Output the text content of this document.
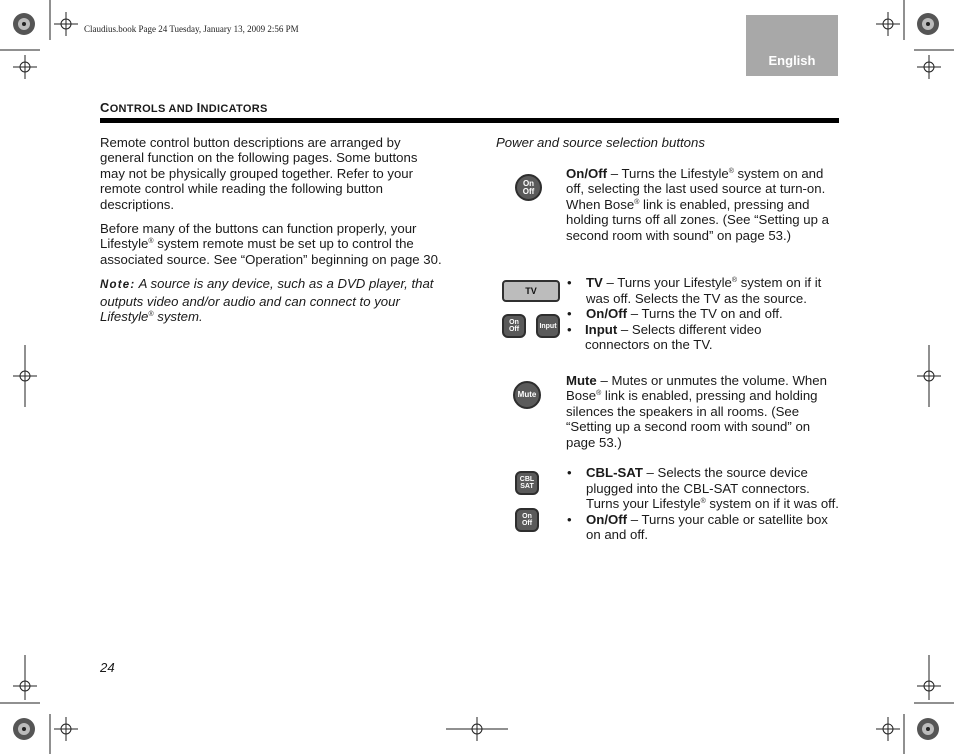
Claudius.book Page 24 Tuesday, January 13, 2009 2:56 PM
English
CONTROLS AND INDICATORS

Remote control button descriptions are arranged by general function on the following pages. Some buttons may not be physically grouped together. Refer to your remote control while reading the following button descriptions.

Before many of the buttons can function properly, your Lifestyle® system remote must be set up to control the associated source. See “Operation” beginning on page 30.

Note: A source is any device, such as a DVD player, that outputs video and/or audio and can connect to your Lifestyle® system.

Power and source selection buttons
On
Off

On/Off – Turns the Lifestyle® system on and off, selecting the last used source at turn-on. When Bose® link is enabled, pressing and holding turns off all zones. (See “Setting up a second room with sound” on page 53.)

TV
On
Off	Input
• TV – Turns your Lifestyle® system on if it was off. Selects the TV as the source.
• On/Off – Turns the TV on and off.
• Input – Selects different video connectors on the TV.
Mute

Mute – Mutes or unmutes the volume. When Bose® link is enabled, pressing and holding silences the speakers in all rooms. (See “Setting up a second room with sound” on page 53.)

CBL
SAT
On
Off
• CBL-SAT – Selects the source device plugged into the CBL-SAT connectors. Turns your Lifestyle® system on if it was off.
• On/Off – Turns your cable or satellite box on and off.
24
